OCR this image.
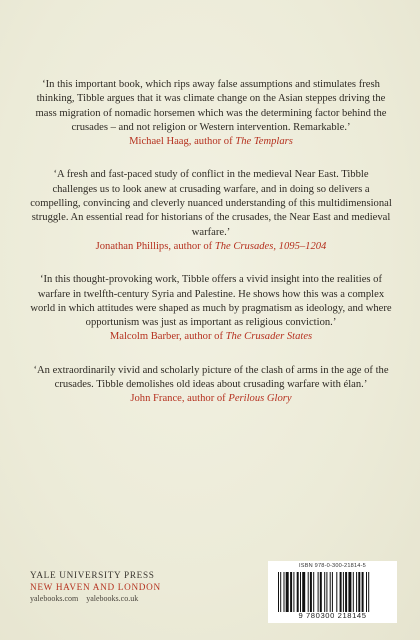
‘In this important book, which rips away false assumptions and stimulates fresh thinking, Tibble argues that it was climate change on the Asian steppes driving the mass migration of nomadic horsemen which was the determining factor behind the crusades – and not religion or Western intervention. Remarkable.’
Michael Haag, author of The Templars
‘A fresh and fast-paced study of conflict in the medieval Near East. Tibble challenges us to look anew at crusading warfare, and in doing so delivers a compelling, convincing and cleverly nuanced understanding of this multidimensional struggle. An essential read for historians of the crusades, the Near East and medieval warfare.’
Jonathan Phillips, author of The Crusades, 1095–1204
‘In this thought-provoking work, Tibble offers a vivid insight into the realities of warfare in twelfth-century Syria and Palestine. He shows how this was a complex world in which attitudes were shaped as much by pragmatism as ideology, and where opportunism was just as important as religious conviction.’
Malcolm Barber, author of The Crusader States
‘An extraordinarily vivid and scholarly picture of the clash of arms in the age of the crusades. Tibble demolishes old ideas about crusading warfare with élan.’
John France, author of Perilous Glory
YALE UNIVERSITY PRESS
NEW HAVEN AND LONDON
yalebooks.com yalebooks.co.uk
ISBN 978-0-300-21814-5
9 780300 218145
